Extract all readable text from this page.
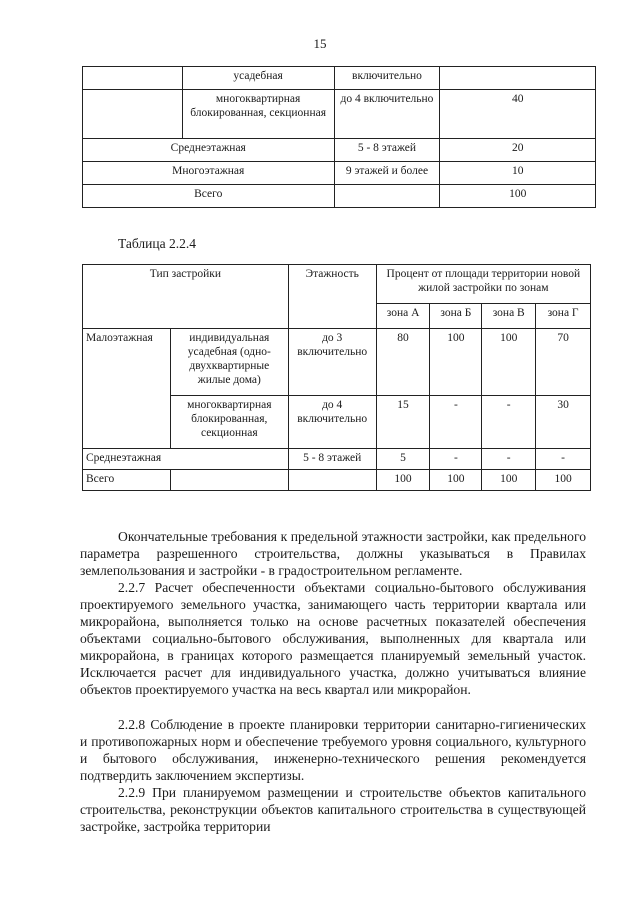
15
	усадебная	включительно	
	многоквартирная блокированная, секционная	до 4 включительно	40
Среднеэтажная		5 - 8 этажей	20
Многоэтажная		9 этажей и более	10
Всего			100
Таблица 2.2.4
Тип застройки		Этажность	Процент от площади территории новой жилой застройки по зонам			
			зона А	зона Б	зона В	зона Г
Малоэтажная	индивидуальная усадебная (одно-двухквартирные жилые дома)	до 3 включительно	80	100	100	70
	многоквартирная блокированная, секционная	до 4 включительно	15	-	-	30
Среднеэтажная		5 - 8 этажей	5	-	-	-
Всего			100	100	100	100

Окончательные требования к предельной этажности застройки, как предельного параметра разрешенного строительства, должны указываться в Правилах землепользования и застройки - в градостроительном регламенте.

2.2.7 Расчет обеспеченности объектами социально-бытового обслуживания проектируемого земельного участка, занимающего часть территории квартала или микрорайона, выполняется только на основе расчетных показателей обеспечения объектами социально-бытового обслуживания, выполненных для квартала или микрорайона, в границах которого размещается планируемый земельный участок. Исключается расчет для индивидуального участка, должно учитываться влияние объектов проектируемого участка на весь квартал или микрорайон.

2.2.8 Соблюдение в проекте планировки территории санитарно-гигиенических и противопожарных норм и обеспечение требуемого уровня социального, культурного и бытового обслуживания, инженерно-технического решения рекомендуется подтвердить заключением экспертизы.

2.2.9 При планируемом размещении и строительстве объектов капитального строительства, реконструкции объектов капитального строительства в существующей застройке, застройка территории
